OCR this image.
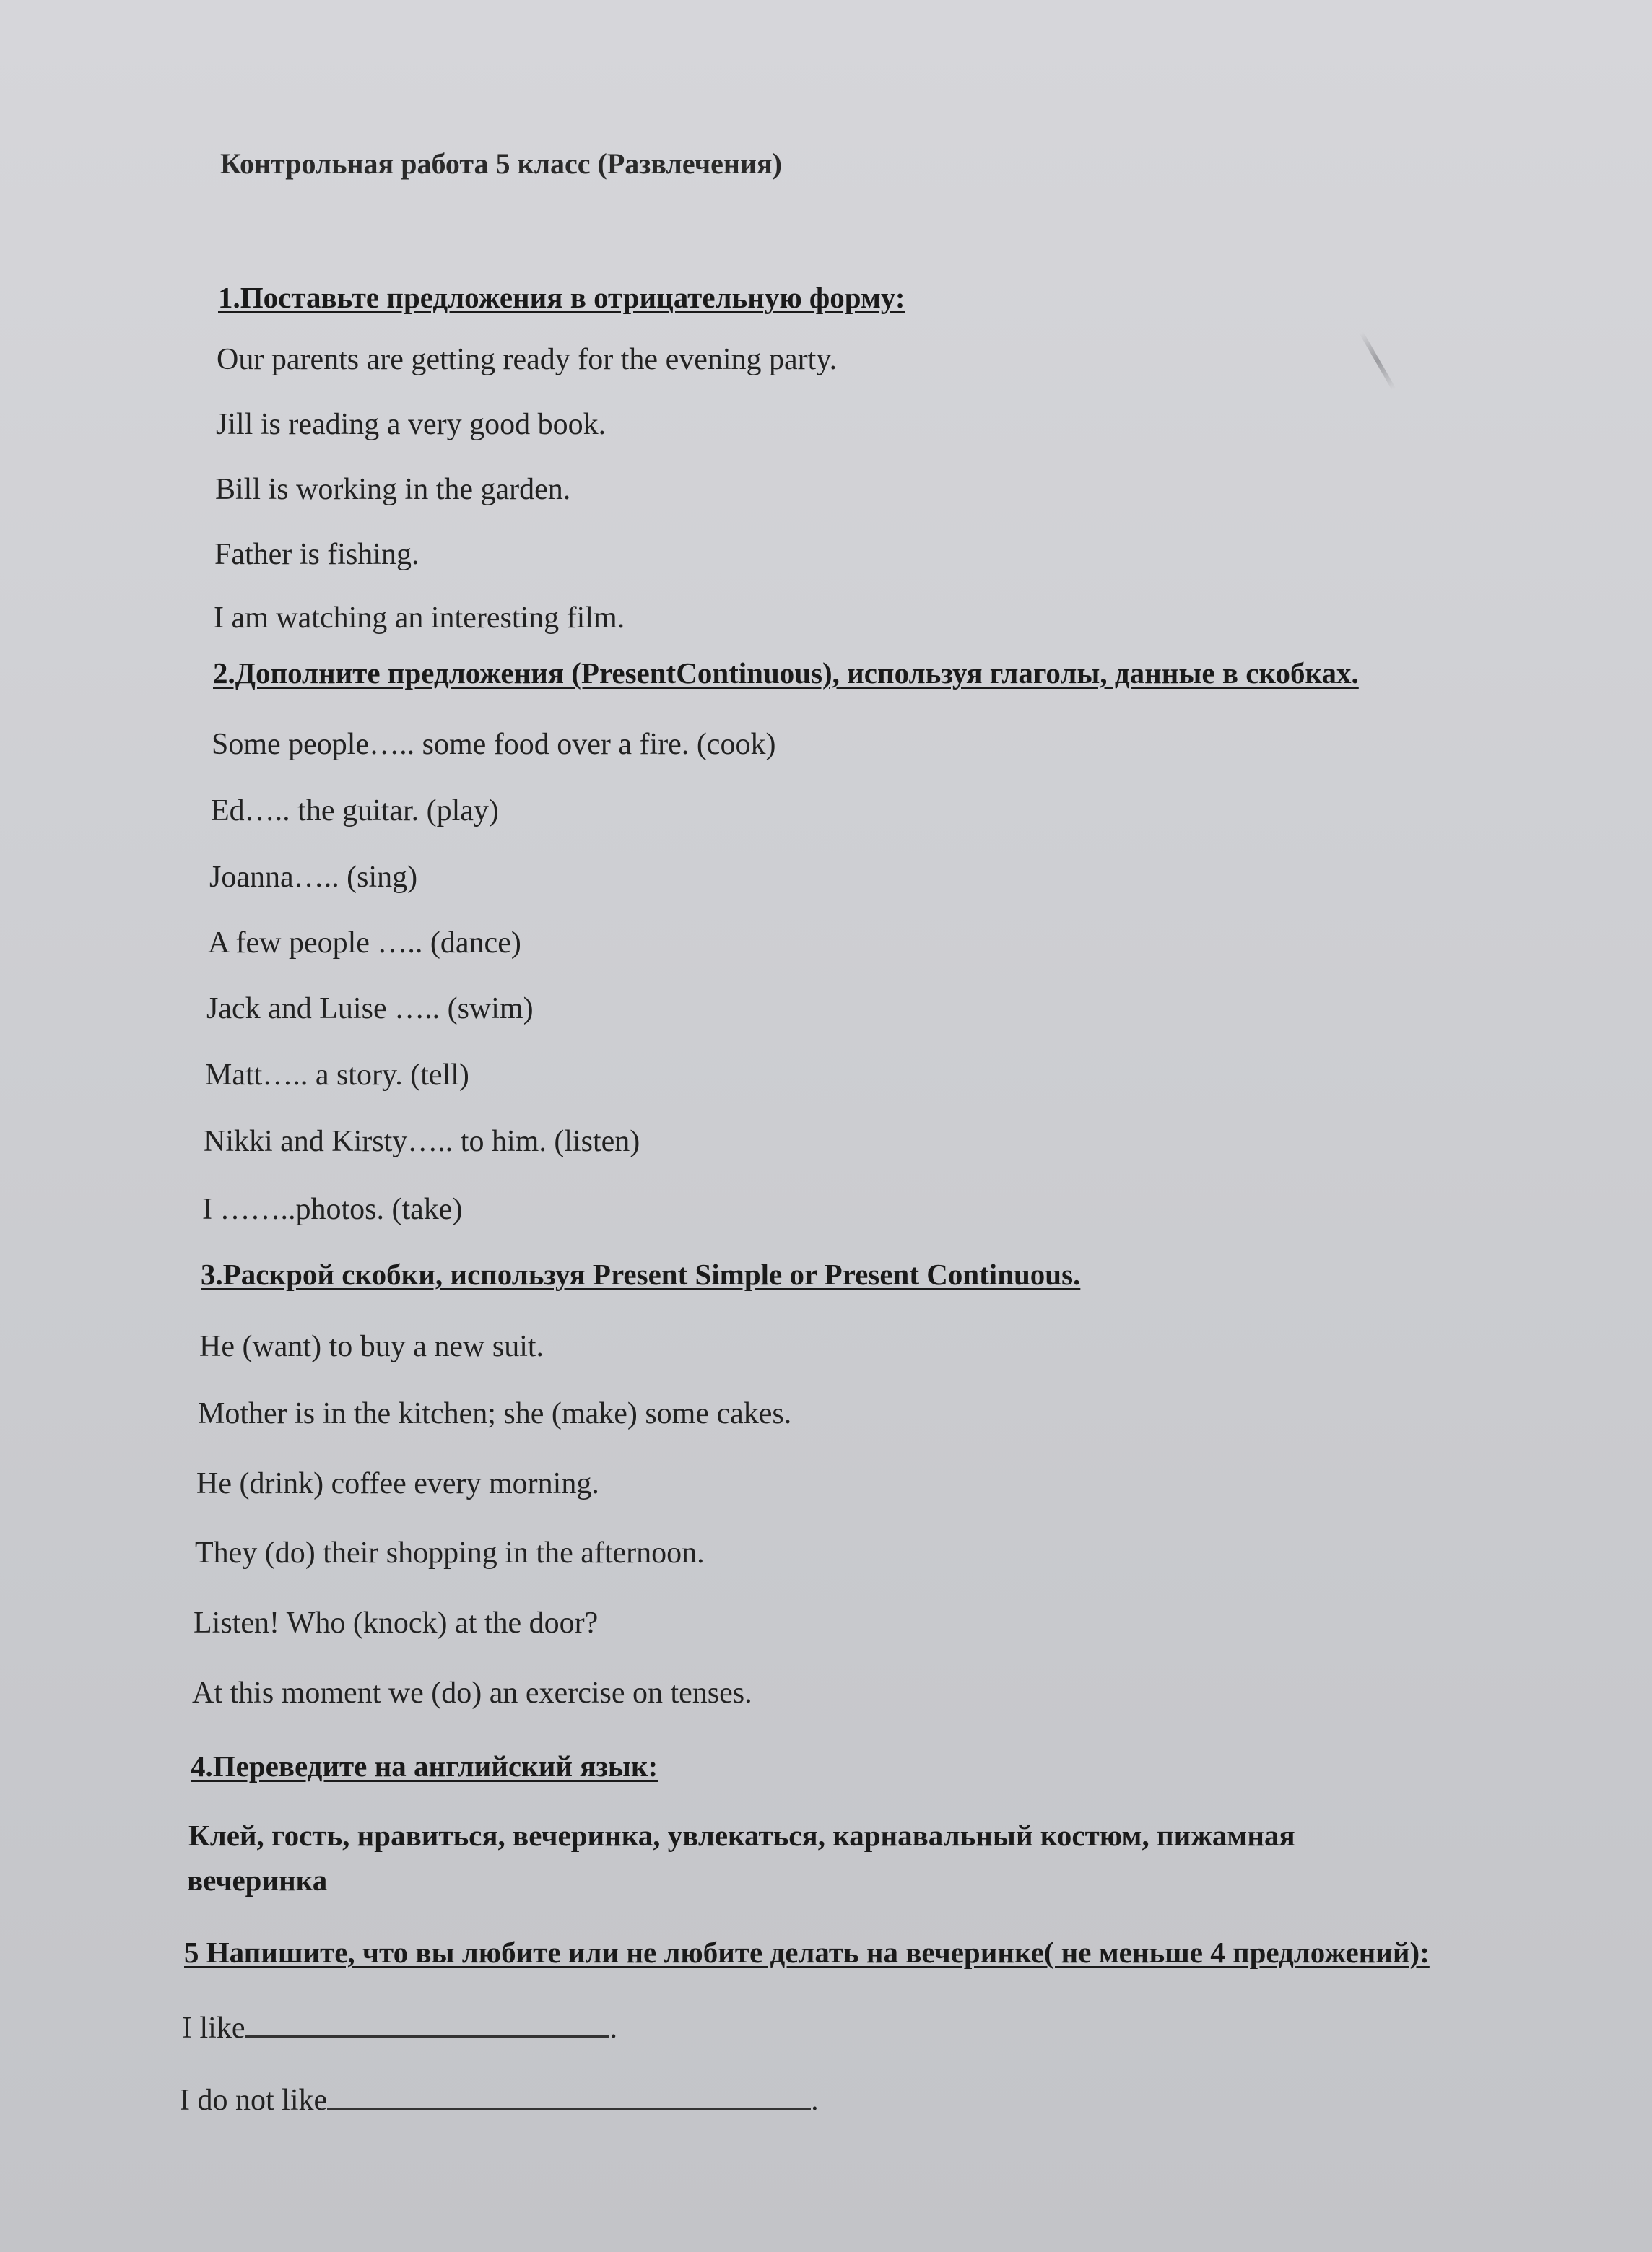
Контрольная работа 5 класс (Развлечения)
1.Поставьте предложения в отрицательную форму:
Our parents are getting ready for the evening party.
Jill is reading a very good book.
Bill is working in the garden.
Father is fishing.
I am watching an interesting film.
2.Дополните предложения (PresentContinuous), используя глаголы, данные в скобках.
Some people….. some food over a fire. (cook)
Ed….. the guitar. (play)
Joanna….. (sing)
A few people ….. (dance)
Jack and Luise ….. (swim)
Matt….. a story. (tell)
Nikki and Kirsty….. to him. (listen)
I ……..photos. (take)
3.Раскрой скобки, используя Present Simple or Present Continuous.
He (want) to buy a new suit.
Mother is in the kitchen; she (make) some cakes.
He (drink) coffee every morning.
They (do) their shopping in the afternoon.
Listen! Who (knock) at the door?
At this moment we (do) an exercise on tenses.
4.Переведите на английский язык:
Клей, гость, нравиться, вечеринка, увлекаться, карнавальный костюм, пижамная
вечеринка
5 Напишите, что вы любите или не любите делать на вечеринке( не меньше 4 предложений):
I like	.
I do not like	.
